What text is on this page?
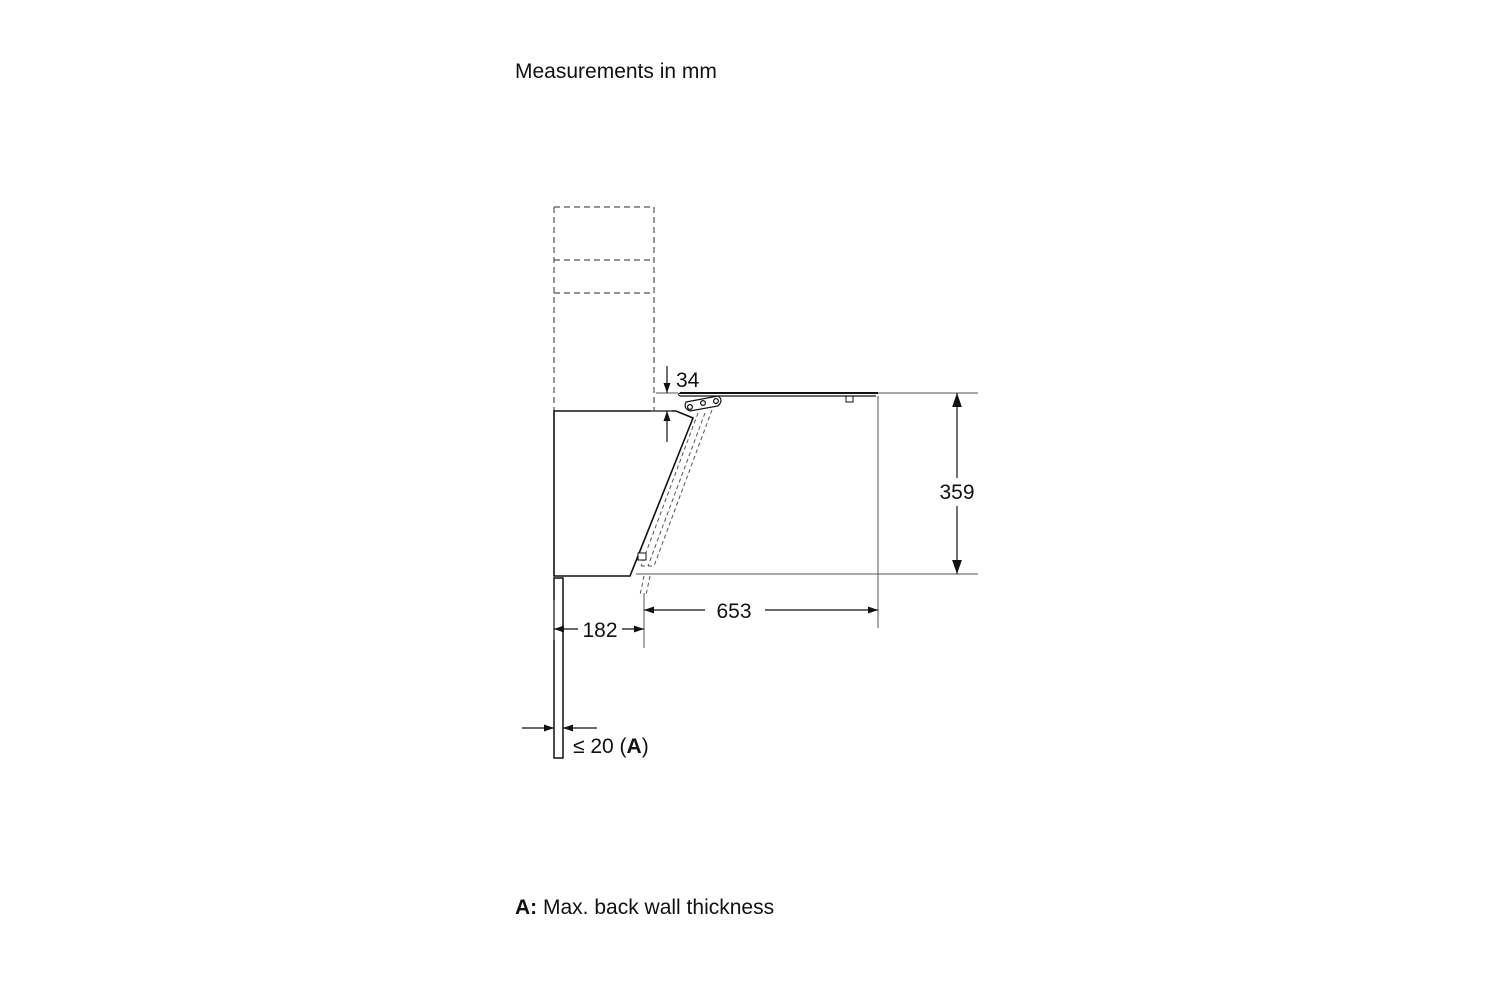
Measurements in mm
34
359
653
182
≤ 20 (A)
A: Max. back wall thickness
